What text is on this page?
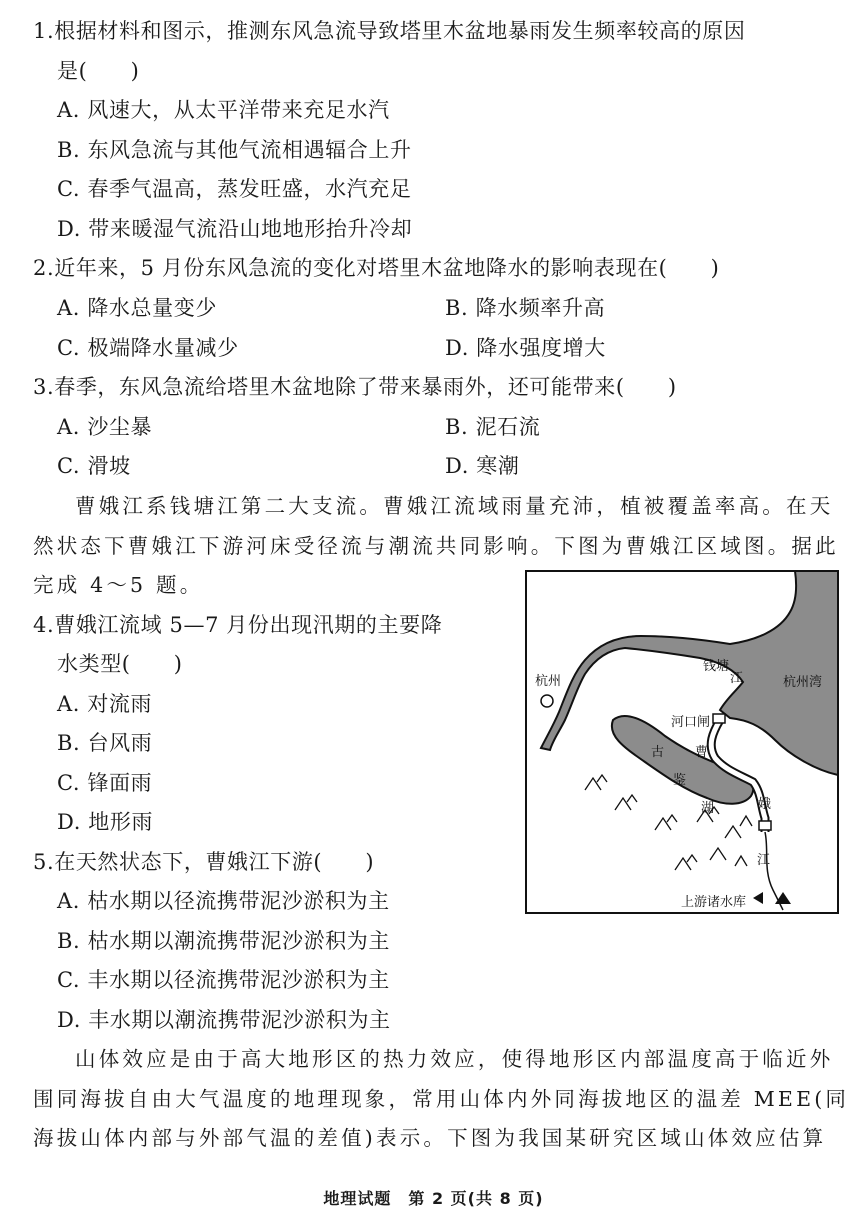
1.根据材料和图示，推测东风急流导致塔里木盆地暴雨发生频率较高的原因
是(　　)
A. 风速大，从太平洋带来充足水汽
B. 东风急流与其他气流相遇辐合上升
C. 春季气温高，蒸发旺盛，水汽充足
D. 带来暖湿气流沿山地地形抬升冷却
2.近年来，5 月份东风急流的变化对塔里木盆地降水的影响表现在(　　)
A. 降水总量变少	B. 降水频率升高
C. 极端降水量减少	D. 降水强度增大
3.春季，东风急流给塔里木盆地除了带来暴雨外，还可能带来(　　)
A. 沙尘暴	B. 泥石流
C. 滑坡	D. 寒潮
曹娥江系钱塘江第二大支流。曹娥江流域雨量充沛，植被覆盖率高。在天
然状态下曹娥江下游河床受径流与潮流共同影响。下图为曹娥江区域图。据此
完成 4～5 题。
4.曹娥江流域 5—7 月份出现汛期的主要降
水类型(　　)
A. 对流雨
B. 台风雨
C. 锋面雨
D. 地形雨
5.在天然状态下，曹娥江下游(　　)
A. 枯水期以径流携带泥沙淤积为主
B. 枯水期以潮流携带泥沙淤积为主
C. 丰水期以径流携带泥沙淤积为主
D. 丰水期以潮流携带泥沙淤积为主
山体效应是由于高大地形区的热力效应，使得地形区内部温度高于临近外
围同海拔自由大气温度的地理现象，常用山体内外同海拔地区的温差 MEE(同
海拔山体内部与外部气温的差值)表示。下图为我国某研究区域山体效应估算
杭州
钱塘
江	杭州湾
河口闸
古
鉴
湖
曹
娥
江
上游诸水库
地理试题　第 2 页(共 8 页)
